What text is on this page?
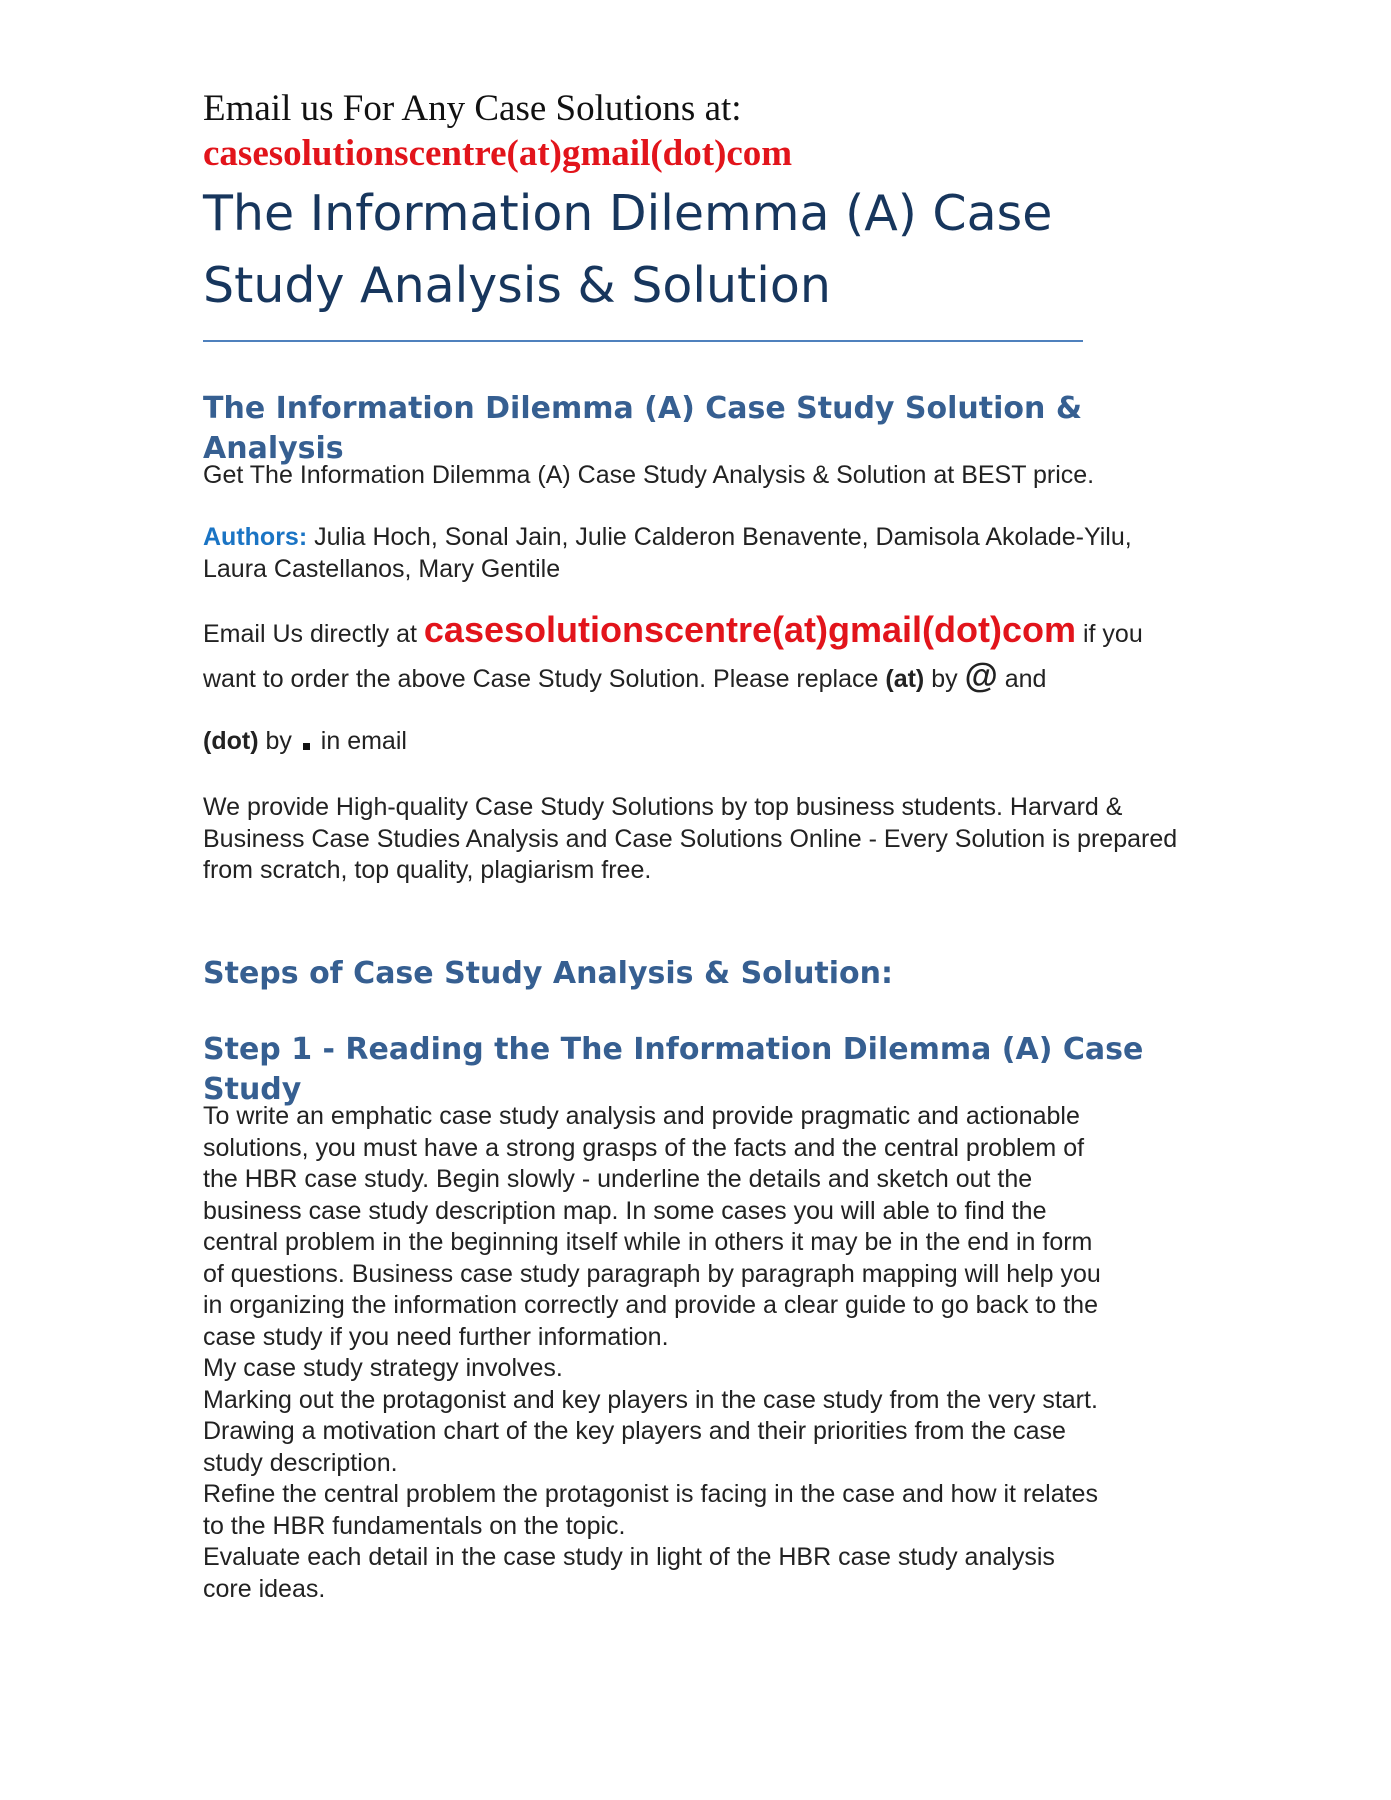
Email us For Any Case Solutions at:
casesolutionscentre(at)gmail(dot)com
The Information Dilemma (A) Case Study Analysis & Solution
The Information Dilemma (A) Case Study Solution & Analysis
Get The Information Dilemma (A) Case Study Analysis & Solution at BEST price.
Authors: Julia Hoch, Sonal Jain, Julie Calderon Benavente, Damisola Akolade-Yilu, Laura Castellanos, Mary Gentile
Email Us directly at casesolutionscentre(at)gmail(dot)com if you want to order the above Case Study Solution. Please replace (at) by @ and
(dot) by in email
We provide High-quality Case Study Solutions by top business students. Harvard & Business Case Studies Analysis and Case Solutions Online - Every Solution is prepared from scratch, top quality, plagiarism free.
Steps of Case Study Analysis & Solution:
Step 1 - Reading the The Information Dilemma (A) Case Study
To write an emphatic case study analysis and provide pragmatic and actionable
solutions, you must have a strong grasps of the facts and the central problem of
the HBR case study. Begin slowly - underline the details and sketch out the
business case study description map. In some cases you will able to find the
central problem in the beginning itself while in others it may be in the end in form
of questions. Business case study paragraph by paragraph mapping will help you
in organizing the information correctly and provide a clear guide to go back to the
case study if you need further information.
My case study strategy involves.
Marking out the protagonist and key players in the case study from the very start.
Drawing a motivation chart of the key players and their priorities from the case
study description.
Refine the central problem the protagonist is facing in the case and how it relates
to the HBR fundamentals on the topic.
Evaluate each detail in the case study in light of the HBR case study analysis
core ideas.
